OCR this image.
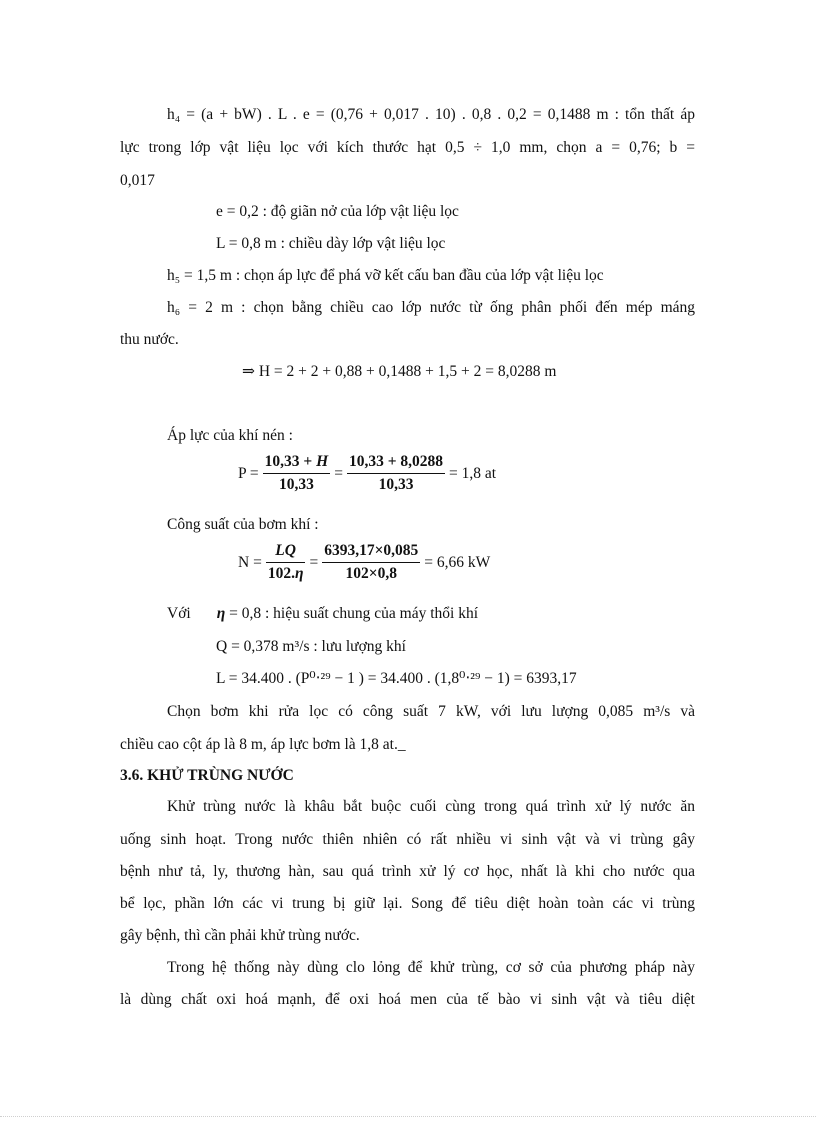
h₄ = (a + bW) . L . e = (0,76 + 0,017 . 10) . 0,8 . 0,2 = 0,1488 m : tổn thất áp
lực trong lớp vật liệu lọc với kích thước hạt 0,5 ÷ 1,0 mm, chọn a = 0,76; b =
0,017
e = 0,2 : độ giãn nở của lớp vật liệu lọc
L = 0,8 m : chiều dày lớp vật liệu lọc
h₅ = 1,5 m : chọn áp lực để phá vỡ kết cấu ban đầu của lớp vật liệu lọc
h₆ = 2 m : chọn bằng chiều cao lớp nước từ ống phân phối đến mép máng
thu nước.
⇒ H = 2 + 2 + 0,88 + 0,1488 + 1,5 + 2 = 8,0288 m
Áp lực của khí nén :
$P = \frac{10,33 + H}{10,33} = \frac{10,33 + 8,0288}{10,33} = 1,8$ at
Công suất của bơm khí :
$N = \frac{LQ}{102.\eta} = \frac{6393,17\times 0,085}{102\times 0,8} = 6,66$ kW
Với η = 0,8 : hiệu suất chung của máy thổi khí
Q = 0,378 m³/s : lưu lượng khí
L = 34.400 . (P⁰‧²⁹ − 1 ) = 34.400 . (1,8⁰‧²⁹ − 1) = 6393,17
Chọn bơm khi rửa lọc có công suất 7 kW, với lưu lượng 0,085 m³/s và
chiều cao cột áp là 8 m, áp lực bơm là 1,8 at._
3.6. KHỬ TRÙNG NƯỚC
Khử trùng nước là khâu bắt buộc cuối cùng trong quá trình xử lý nước ăn
uống sinh hoạt. Trong nước thiên nhiên có rất nhiều vi sinh vật và vi trùng gây
bệnh như tả, ly, thương hàn, sau quá trình xử lý cơ học, nhất là khi cho nước qua
bể lọc, phần lớn các vi trung bị giữ lại. Song để tiêu diệt hoàn toàn các vi trùng
gây bệnh, thì cần phải khử trùng nước.
Trong hệ thống này dùng clo lỏng để khử trùng, cơ sở của phương pháp này
là dùng chất oxi hoá mạnh, để oxi hoá men của tế bào vi sinh vật và tiêu diệt
